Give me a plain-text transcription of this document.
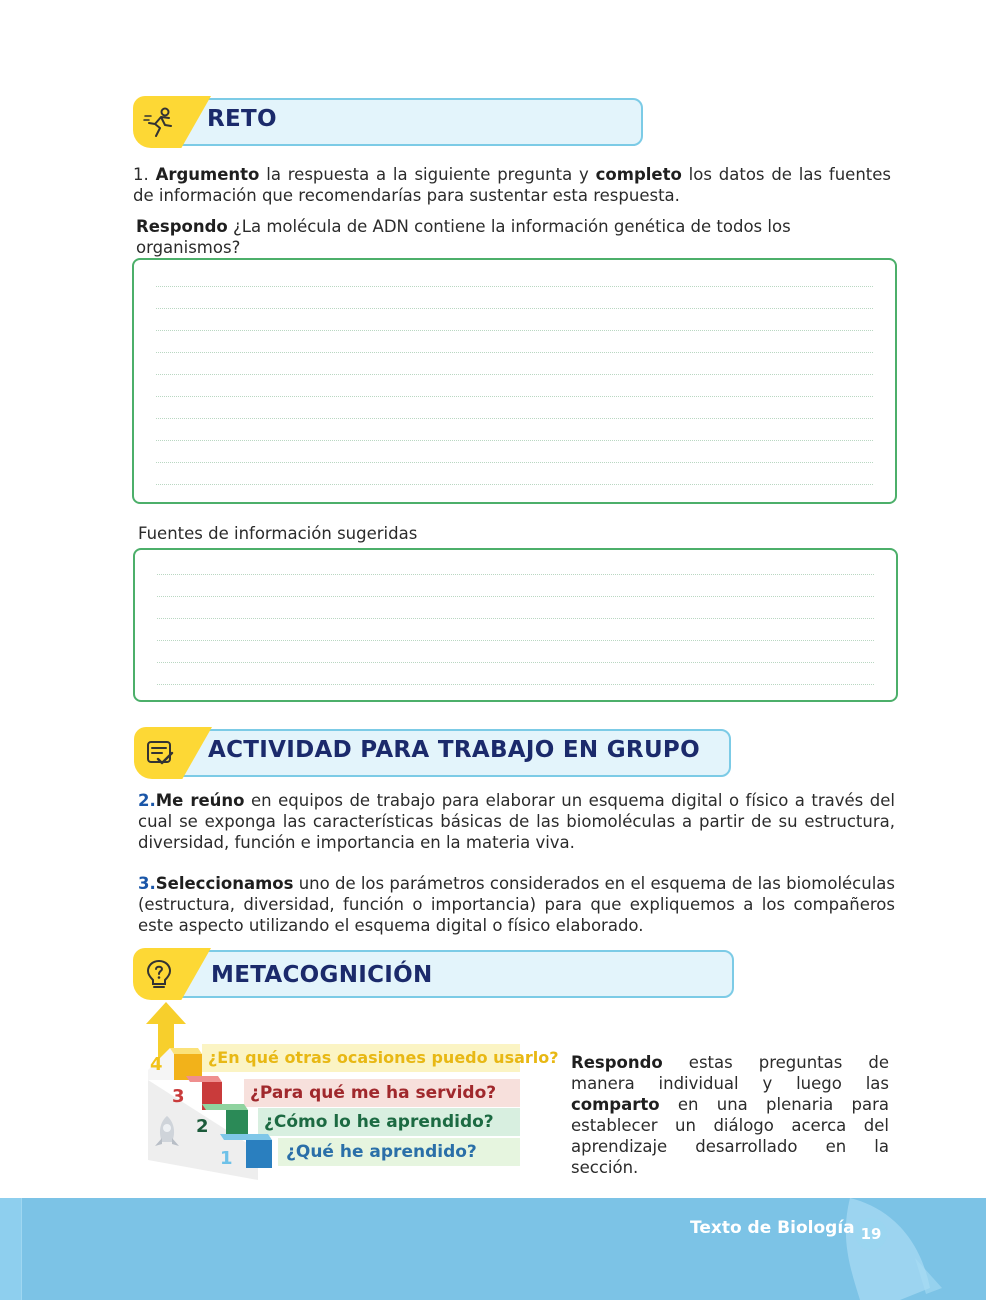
RETO
1. Argumento la respuesta a la siguiente pregunta y completo los datos de las fuentes de información que recomendarías para sustentar esta respuesta.
Respondo ¿La molécula de ADN contiene la información genética de todos los organismos?
Fuentes de información sugeridas
ACTIVIDAD PARA TRABAJO EN GRUPO
2.Me reúno en equipos de trabajo para elaborar un esquema digital o físico a través del cual se exponga las características básicas de las biomoléculas a partir de su estructura, diversidad, función e importancia en la materia viva.
3.Seleccionamos uno de los parámetros considerados en el esquema de las biomoléculas (estructura, diversidad, función o importancia) para que expliquemos a los compañeros este aspecto utilizando el esquema digital o físico elaborado.
METACOGNICIÓN
4
3
2
1
¿En qué otras ocasiones puedo usarlo?
¿Para qué me ha servido?
¿Cómo lo he aprendido?
¿Qué he aprendido?
Respondo estas preguntas de manera individual y luego las comparto en una plenaria para establecer un diálogo acerca del aprendizaje desarrollado en la sección.
Texto de Biología 19
